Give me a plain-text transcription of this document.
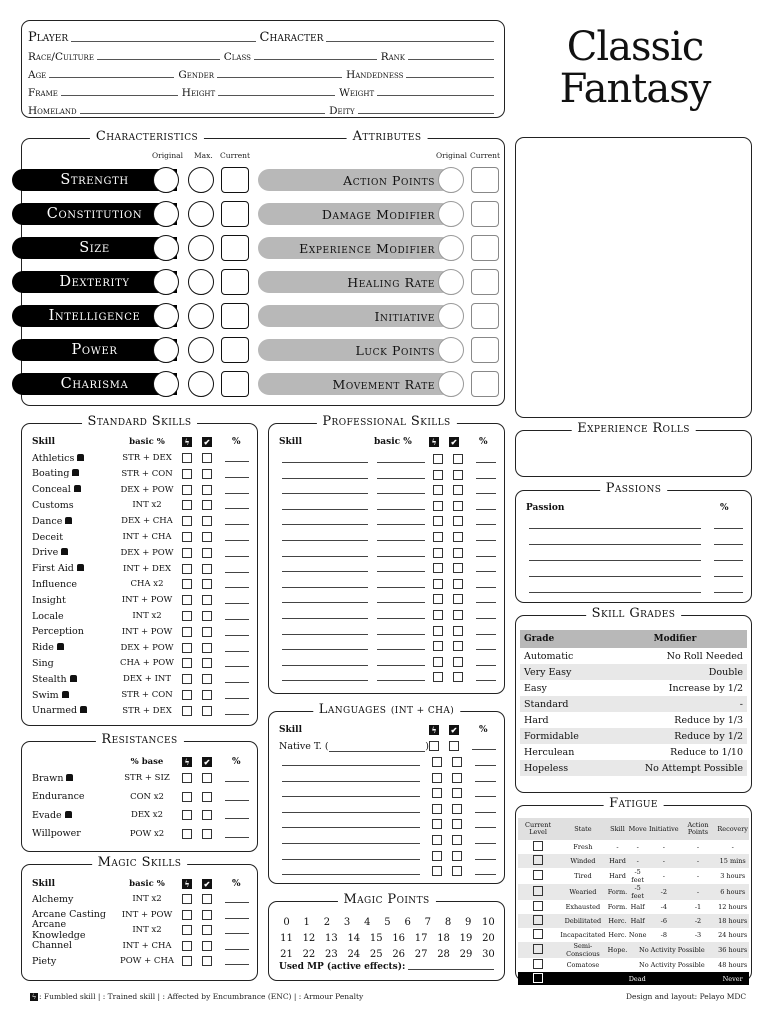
Player	Character
Race/Culture	Class	Rank
Age	Gender	Handedness
Frame	Height	Weight
Homeland	Deity
Classic
Fantasy
Characteristics	Attributes
Original Max. Current	Original Current
Strength
Constitution
Size
Dexterity
Intelligence
Power
Charisma
Action Points
Damage Modifier
Experience Modifier
Healing Rate
Initiative
Luck Points
Movement Rate
Standard Skills
Skill	basic %	ϟ ✔ %
Athletics	STR + DEX
Boating	STR + CON
Conceal	DEX + POW
Customs	INT x2
Dance	DEX + CHA
Deceit	INT + CHA
Drive	DEX + POW
First Aid	INT + DEX
Influence	CHA x2
Insight	INT + POW
Locale	INT x2
Perception	INT + POW
Ride	DEX + POW
Sing	CHA + POW
Stealth	DEX + INT
Swim	STR + CON
Unarmed	STR + DEX
Professional Skills
Skill	basic %	ϟ ✔ %
Languages (INT + CHA)
Skill	ϟ ✔ %
Native T. (	)
Resistances
% base	ϟ ✔ %
Brawn	STR + SIZ
Endurance	CON x2
Evade	DEX x2
Willpower	POW x2
Magic Skills
Skill	basic %	ϟ ✔ %
Alchemy	INT x2
Arcane Casting	INT + POW
Arcane Knowledge	INT x2
Channel	INT + CHA
Piety	POW + CHA
Magic Points
0	1	2	3	4	5	6	7	8	9	10
11 12 13 14 15 16 17 18 19 20
21 22 23 24 25 26 27 28 29 30
Used MP (active effects):
Experience Rolls
Passions
Passion	%
Skill Grades
Grade	Modifier
Automatic	No Roll Needed
Very Easy	Double
Easy	Increase by 1/2
Standard	-
Hard	Reduce by 1/3
Formidable	Reduce by 1/2
Herculean	Reduce to 1/10
Hopeless	No Attempt Possible
Fatigue
Current Level	State	Skill	Move	Initiative	Action Points	Recovery
	Fresh	-	-	-	-	-
	Winded	Hard	-	-	-	15 mins
	Tired	Hard	-5 feet	-	-	3 hours
	Wearied	Form.	-5 feet	-2	-	6 hours
	Exhausted	Form.	Half	-4	-1	12 hours
	Debilitated	Herc.	Half	-6	-2	18 hours
	Incapacitated	Herc.	None	-8	-3	24 hours
	Semi-Conscious	Hope.	No Activity Possible			36 hours
	Comatose		No Activity Possible			48 hours
	Dead					Never
ϟ : Fumbled skill | : Trained skill | : Affected by Encumbrance (ENC) | : Armour Penalty	Design and layout: Pelayo MDC
